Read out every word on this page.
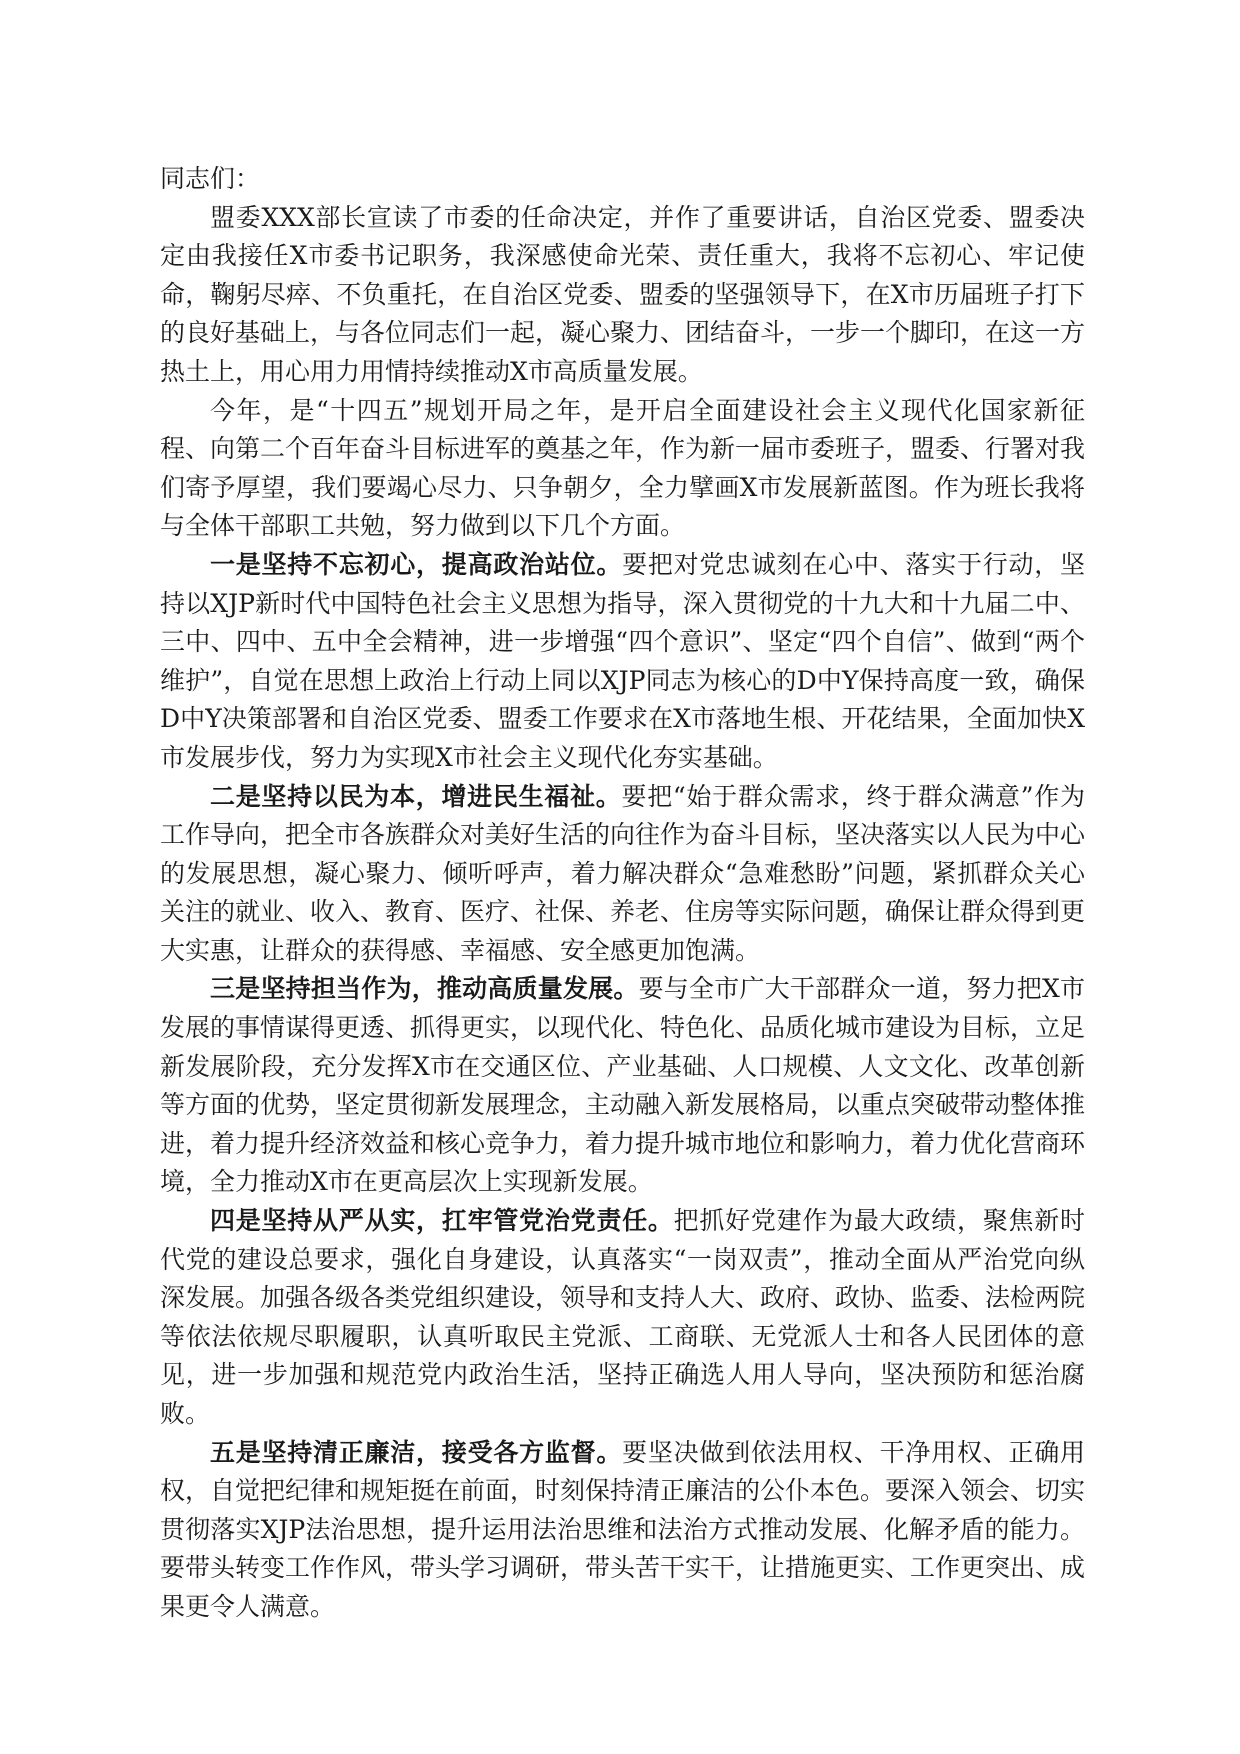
同志们：

盟委XXX部长宣读了市委的任命决定，并作了重要讲话，自治区党委、盟委决定由我接任X市委书记职务，我深感使命光荣、责任重大，我将不忘初心、牢记使命，鞠躬尽瘁、不负重托，在自治区党委、盟委的坚强领导下，在X市历届班子打下的良好基础上，与各位同志们一起，凝心聚力、团结奋斗，一步一个脚印，在这一方热土上，用心用力用情持续推动X市高质量发展。

今年，是“十四五”规划开局之年，是开启全面建设社会主义现代化国家新征程、向第二个百年奋斗目标进军的奠基之年，作为新一届市委班子，盟委、行署对我们寄予厚望，我们要竭心尽力、只争朝夕，全力擘画X市发展新蓝图。作为班长我将与全体干部职工共勉，努力做到以下几个方面。

一是坚持不忘初心，提高政治站位。要把对党忠诚刻在心中、落实于行动，坚持以XJP新时代中国特色社会主义思想为指导，深入贯彻党的十九大和十九届二中、三中、四中、五中全会精神，进一步增强“四个意识”、坚定“四个自信”、做到“两个维护”，自觉在思想上政治上行动上同以XJP同志为核心的D中Y保持高度一致，确保D中Y决策部署和自治区党委、盟委工作要求在X市落地生根、开花结果，全面加快X市发展步伐，努力为实现X市社会主义现代化夯实基础。

二是坚持以民为本，增进民生福祉。要把“始于群众需求，终于群众满意”作为工作导向，把全市各族群众对美好生活的向往作为奋斗目标，坚决落实以人民为中心的发展思想，凝心聚力、倾听呼声，着力解决群众“急难愁盼”问题，紧抓群众关心关注的就业、收入、教育、医疗、社保、养老、住房等实际问题，确保让群众得到更大实惠，让群众的获得感、幸福感、安全感更加饱满。

三是坚持担当作为，推动高质量发展。要与全市广大干部群众一道，努力把X市发展的事情谋得更透、抓得更实，以现代化、特色化、品质化城市建设为目标，立足新发展阶段，充分发挥X市在交通区位、产业基础、人口规模、人文文化、改革创新等方面的优势，坚定贯彻新发展理念，主动融入新发展格局，以重点突破带动整体推进，着力提升经济效益和核心竞争力，着力提升城市地位和影响力，着力优化营商环境，全力推动X市在更高层次上实现新发展。

四是坚持从严从实，扛牢管党治党责任。把抓好党建作为最大政绩，聚焦新时代党的建设总要求，强化自身建设，认真落实“一岗双责”，推动全面从严治党向纵深发展。加强各级各类党组织建设，领导和支持人大、政府、政协、监委、法检两院等依法依规尽职履职，认真听取民主党派、工商联、无党派人士和各人民团体的意见，进一步加强和规范党内政治生活，坚持正确选人用人导向，坚决预防和惩治腐败。

五是坚持清正廉洁，接受各方监督。要坚决做到依法用权、干净用权、正确用权，自觉把纪律和规矩挺在前面，时刻保持清正廉洁的公仆本色。要深入领会、切实贯彻落实XJP法治思想，提升运用法治思维和法治方式推动发展、化解矛盾的能力。要带头转变工作作风，带头学习调研，带头苦干实干，让措施更实、工作更突出、成果更令人满意。
